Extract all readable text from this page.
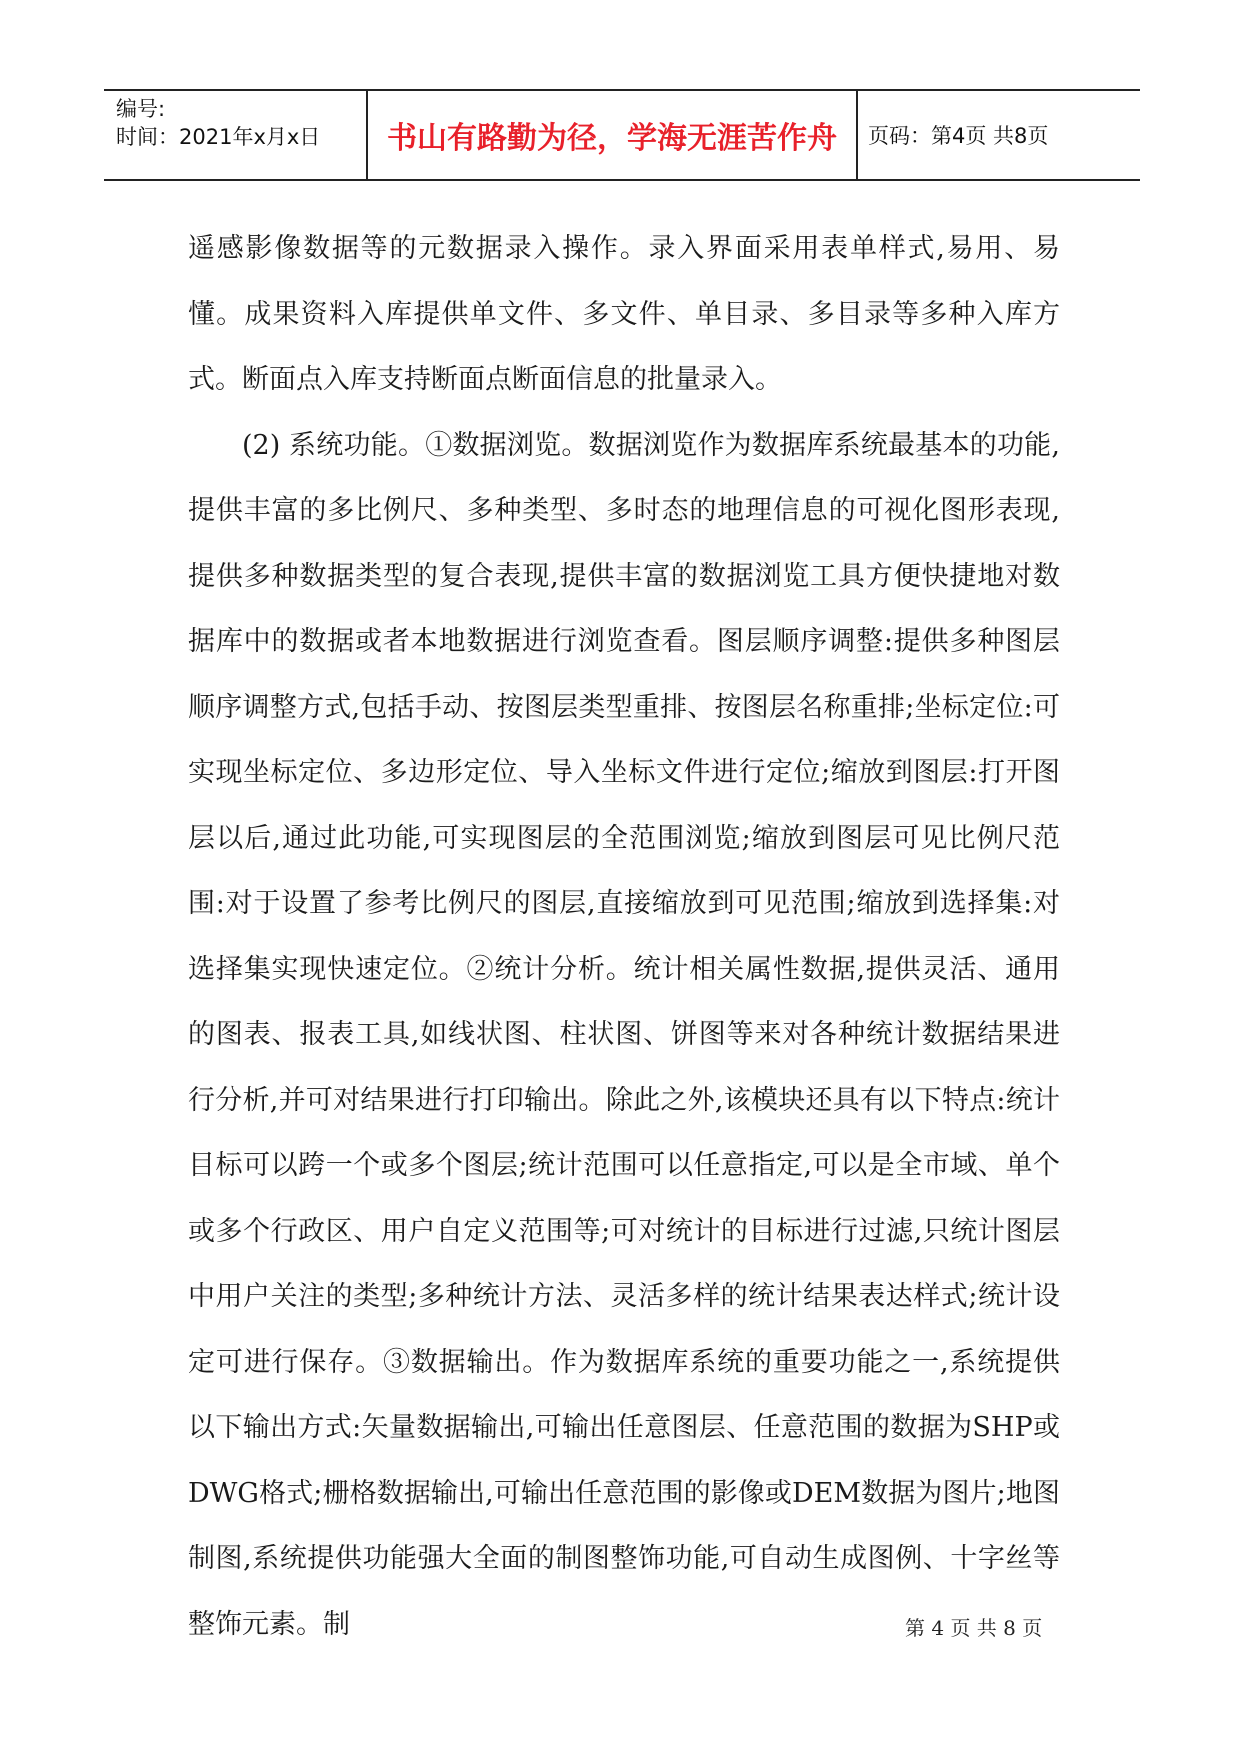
编号:
时间：2021年x月x日	书山有路勤为径，学海无涯苦作舟	页码：第4页 共8页

遥感影像数据等的元数据录入操作。录入界面采用表单样式,易用、易懂。成果资料入库提供单文件、多文件、单目录、多目录等多种入库方式。断面点入库支持断面点断面信息的批量录入。

(2) 系统功能。①数据浏览。数据浏览作为数据库系统最基本的功能,提供丰富的多比例尺、多种类型、多时态的地理信息的可视化图形表现,提供多种数据类型的复合表现,提供丰富的数据浏览工具方便快捷地对数据库中的数据或者本地数据进行浏览查看。图层顺序调整:提供多种图层顺序调整方式,包括手动、按图层类型重排、按图层名称重排;坐标定位:可实现坐标定位、多边形定位、导入坐标文件进行定位;缩放到图层:打开图层以后,通过此功能,可实现图层的全范围浏览;缩放到图层可见比例尺范围:对于设置了参考比例尺的图层,直接缩放到可见范围;缩放到选择集:对选择集实现快速定位。②统计分析。统计相关属性数据,提供灵活、通用的图表、报表工具,如线状图、柱状图、饼图等来对各种统计数据结果进行分析,并可对结果进行打印输出。除此之外,该模块还具有以下特点:统计目标可以跨一个或多个图层;统计范围可以任意指定,可以是全市域、单个或多个行政区、用户自定义范围等;可对统计的目标进行过滤,只统计图层中用户关注的类型;多种统计方法、灵活多样的统计结果表达样式;统计设定可进行保存。③数据输出。作为数据库系统的重要功能之一,系统提供以下输出方式:矢量数据输出,可输出任意图层、任意范围的数据为SHP或DWG格式;栅格数据输出,可输出任意范围的影像或DEM数据为图片;地图制图,系统提供功能强大全面的制图整饰功能,可自动生成图例、十字丝等整饰元素。制	第 4 页 共 8 页
